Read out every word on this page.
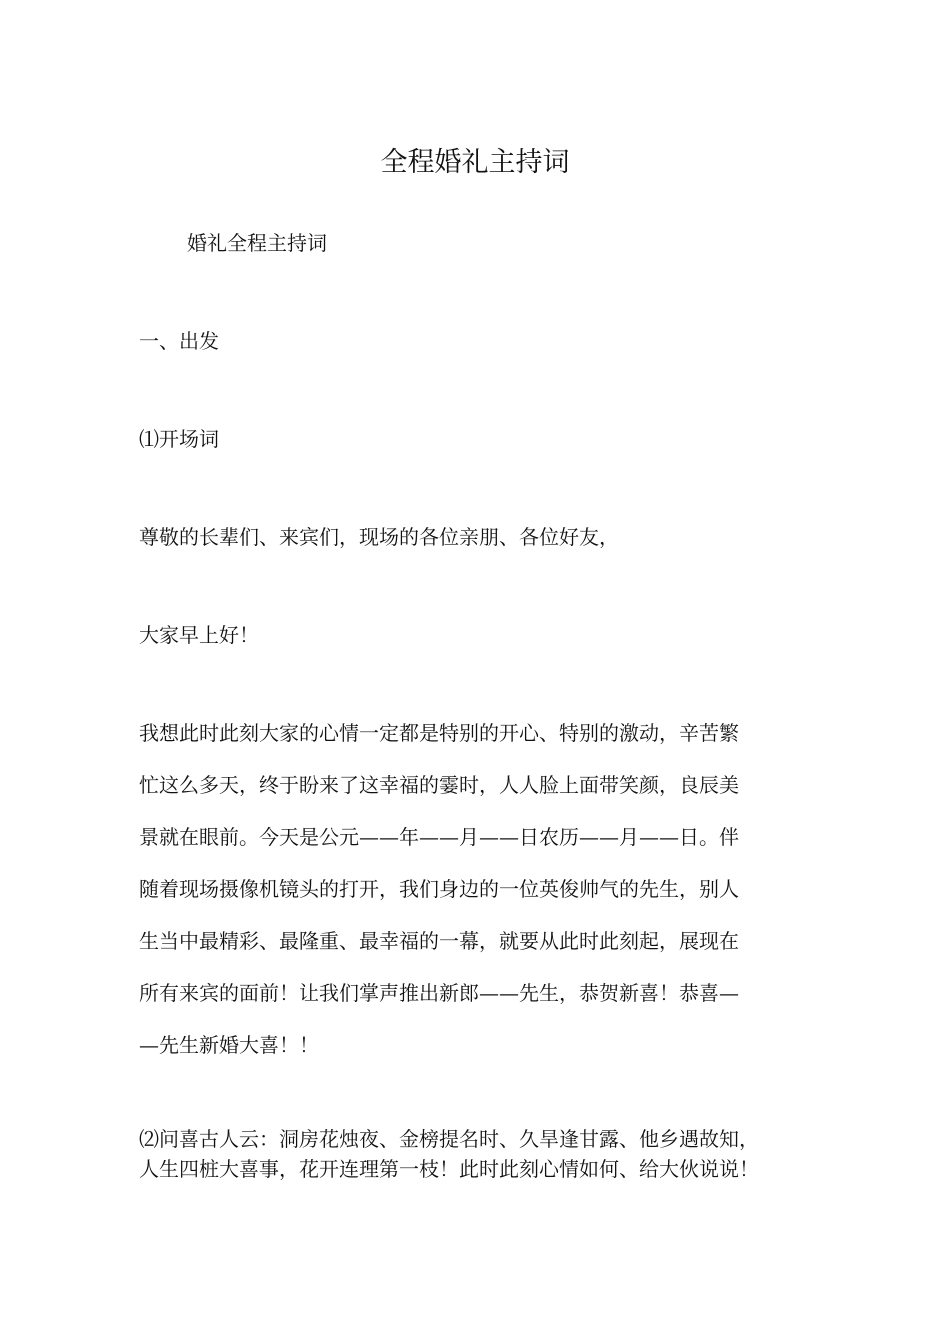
全程婚礼主持词

婚礼全程主持词

一、出发

⑴开场词

尊敬的长辈们、来宾们，现场的各位亲朋、各位好友，

大家早上好！

我想此时此刻大家的心情一定都是特别的开心、特别的激动，辛苦繁
忙这么多天，终于盼来了这幸福的霎时，人人脸上面带笑颜，良辰美
景就在眼前。今天是公元——年——月——日农历——月——日。伴
随着现场摄像机镜头的打开，我们身边的一位英俊帅气的先生，别人
生当中最精彩、最隆重、最幸福的一幕，就要从此时此刻起，展现在
所有来宾的面前！让我们掌声推出新郎——先生，恭贺新喜！恭喜—
—先生新婚大喜！！
⑵问喜古人云：洞房花烛夜、金榜提名时、久旱逢甘露、他乡遇故知，
人生四桩大喜事，花开连理第一枝！此时此刻心情如何、给大伙说说！
